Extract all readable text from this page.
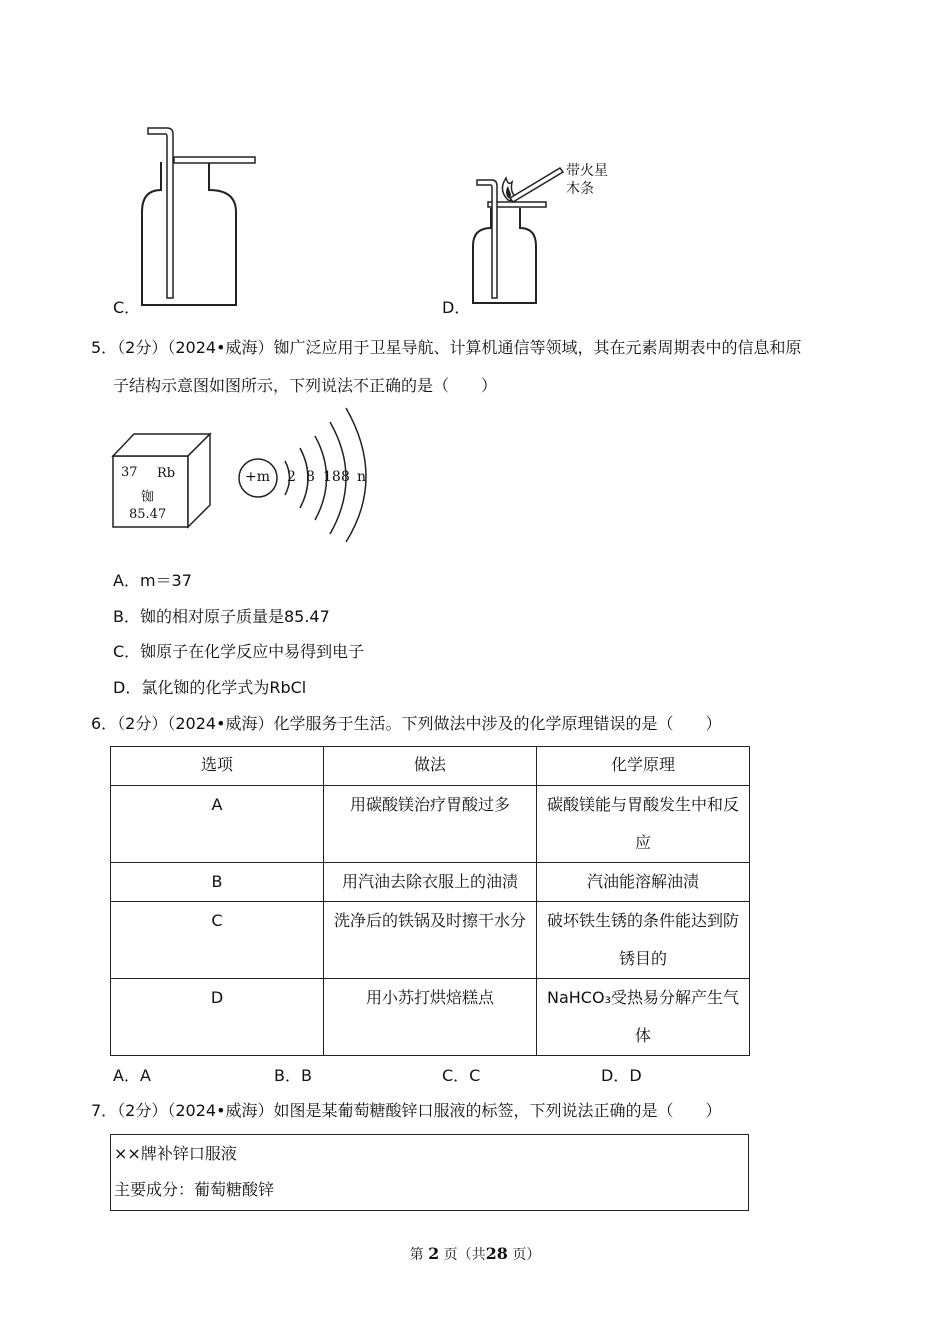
C．
带火星
木条
D．
5．（2分）（2024•威海）铷广泛应用于卫星导航、计算机通信等领域，其在元素周期表中的信息和原
子结构示意图如图所示，下列说法不正确的是（　　）
37 Rb
铷
85.47
+m 2 8 18 8 n
A．m＝37
B．铷的相对原子质量是85.47
C．铷原子在化学反应中易得到电子
D．氯化铷的化学式为RbCl
6．（2分）（2024•威海）化学服务于生活。下列做法中涉及的化学原理错误的是（　　）
选项	做法	化学原理
A	用碳酸镁治疗胃酸过多	碳酸镁能与胃酸发生中和反
应

B	用汽油去除衣服上的油渍	汽油能溶解油渍

C	洗净后的铁锅及时擦干水分	破坏铁生锈的条件能达到防
锈目的

D	用小苏打烘焙糕点	NaHCO₃受热易分解产生气
体
A．A	B．B	C．C	D．D
7．（2分）（2024•威海）如图是某葡萄糖酸锌口服液的标签，下列说法正确的是（　　）
××牌补锌口服液
主要成分：葡萄糖酸锌
第 2 页（共28 页）
